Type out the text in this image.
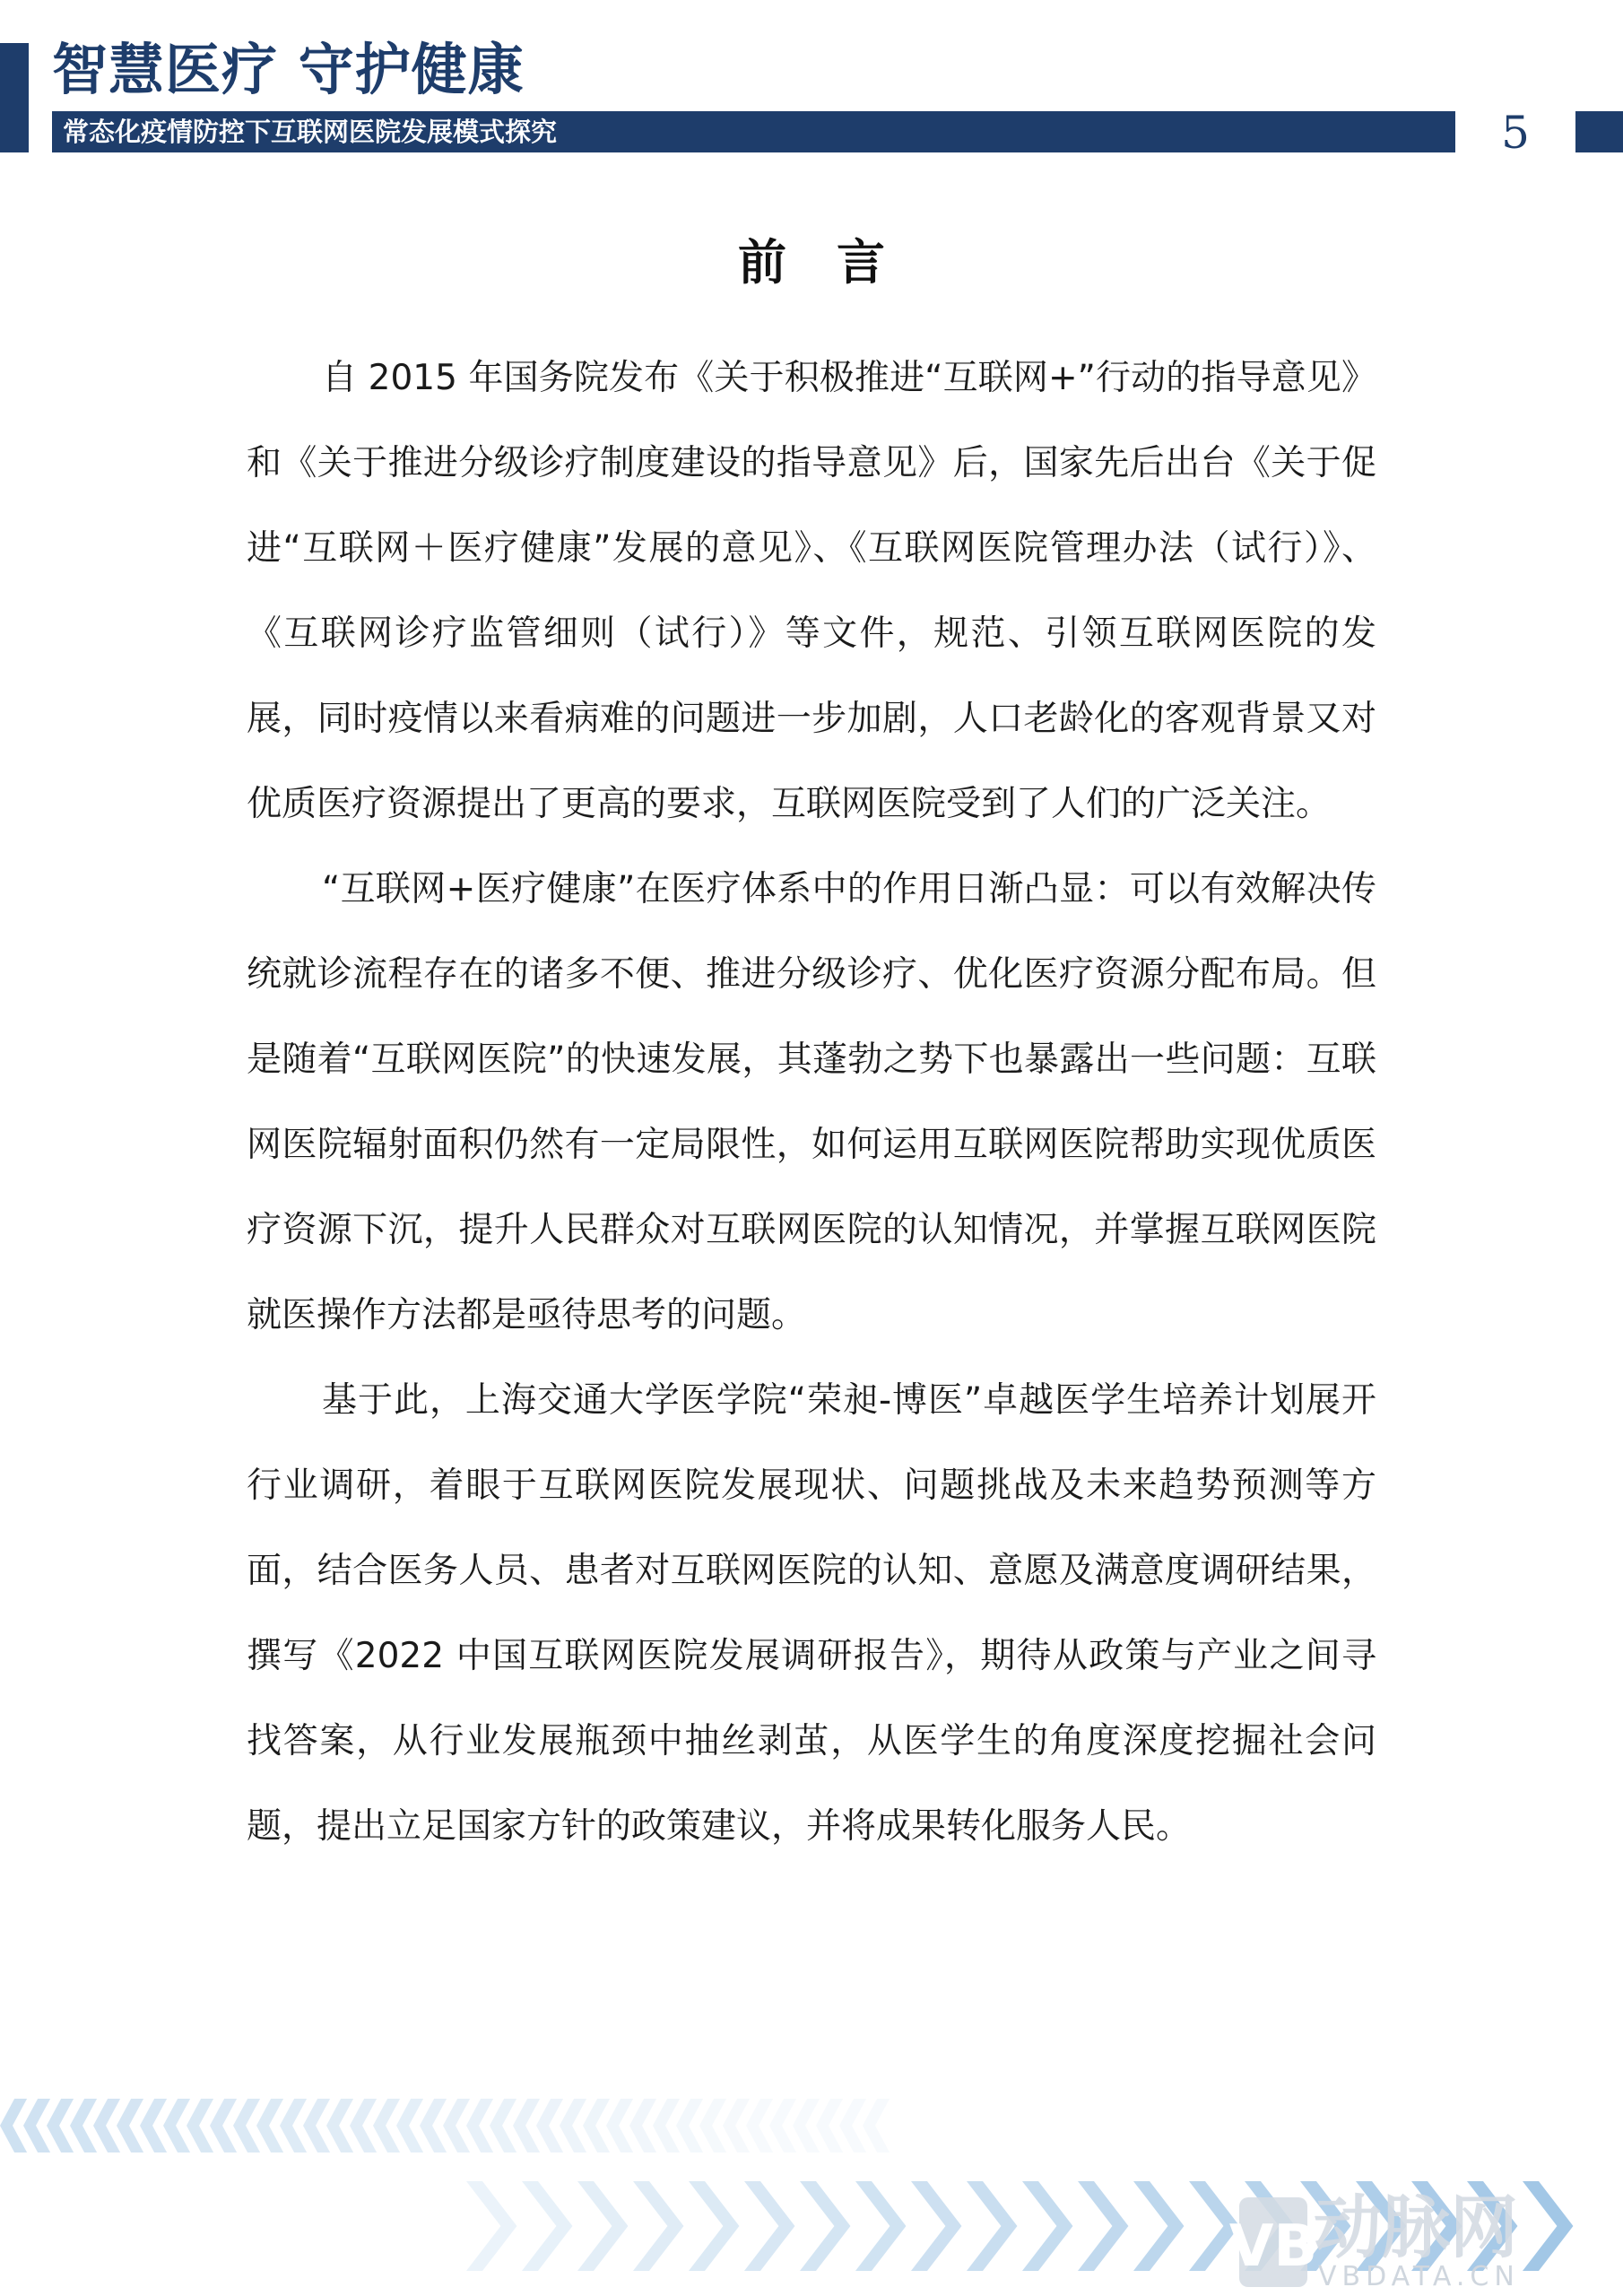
智慧医疗 守护健康
常态化疫情防控下互联网医院发展模式探究	5
前言

自 2015 年国务院发布《关于积极推进“互联网+”行动的指导意见》和《关于推进分级诊疗制度建设的指导意见》后，国家先后出台《关于促进“互联网＋医疗健康”发展的意见》、《互联网医院管理办法（试行）》、《互联网诊疗监管细则（试行）》等文件，规范、引领互联网医院的发展，同时疫情以来看病难的问题进一步加剧，人口老龄化的客观背景又对优质医疗资源提出了更高的要求，互联网医院受到了人们的广泛关注。

“互联网+医疗健康”在医疗体系中的作用日渐凸显：可以有效解决传统就诊流程存在的诸多不便、推进分级诊疗、优化医疗资源分配布局。但是随着“互联网医院”的快速发展，其蓬勃之势下也暴露出一些问题：互联网医院辐射面积仍然有一定局限性，如何运用互联网医院帮助实现优质医疗资源下沉，提升人民群众对互联网医院的认知情况，并掌握互联网医院就医操作方法都是亟待思考的问题。

基于此，上海交通大学医学院“荣昶-博医”卓越医学生培养计划展开行业调研，着眼于互联网医院发展现状、问题挑战及未来趋势预测等方面，结合医务人员、患者对互联网医院的认知、意愿及满意度调研结果，撰写《2022 中国互联网医院发展调研报告》，期待从政策与产业之间寻找答案，从行业发展瓶颈中抽丝剥茧，从医学生的角度深度挖掘社会问题，提出立足国家方针的政策建议，并将成果转化服务人民。

VB
动脉网
VBDATA.CN
